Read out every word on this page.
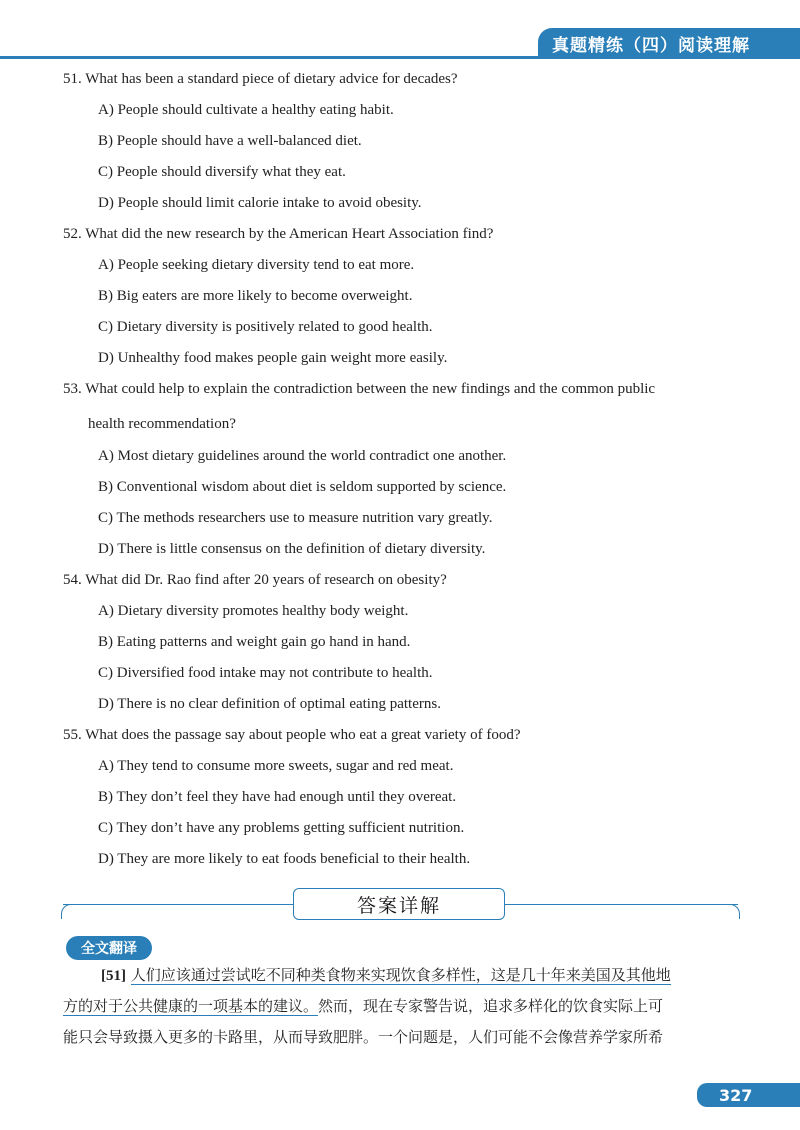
真题精练（四）阅读理解
51. What has been a standard piece of dietary advice for decades?
A) People should cultivate a healthy eating habit.
B) People should have a well-balanced diet.
C) People should diversify what they eat.
D) People should limit calorie intake to avoid obesity.
52. What did the new research by the American Heart Association find?
A) People seeking dietary diversity tend to eat more.
B) Big eaters are more likely to become overweight.
C) Dietary diversity is positively related to good health.
D) Unhealthy food makes people gain weight more easily.
53. What could help to explain the contradiction between the new findings and the common public
health recommendation?
A) Most dietary guidelines around the world contradict one another.
B) Conventional wisdom about diet is seldom supported by science.
C) The methods researchers use to measure nutrition vary greatly.
D) There is little consensus on the definition of dietary diversity.
54. What did Dr. Rao find after 20 years of research on obesity?
A) Dietary diversity promotes healthy body weight.
B) Eating patterns and weight gain go hand in hand.
C) Diversified food intake may not contribute to health.
D) There is no clear definition of optimal eating patterns.
55. What does the passage say about people who eat a great variety of food?
A) They tend to consume more sweets, sugar and red meat.
B) They don’t feel they have had enough until they overeat.
C) They don’t have any problems getting sufficient nutrition.
D) They are more likely to eat foods beneficial to their health.
答案详解
全文翻译
[51] 人们应该通过尝试吃不同种类食物来实现饮食多样性，这是几十年来美国及其他地
方的对于公共健康的一项基本的建议。然而，现在专家警告说，追求多样化的饮食实际上可
能只会导致摄入更多的卡路里，从而导致肥胖。一个问题是，人们可能不会像营养学家所希
327
